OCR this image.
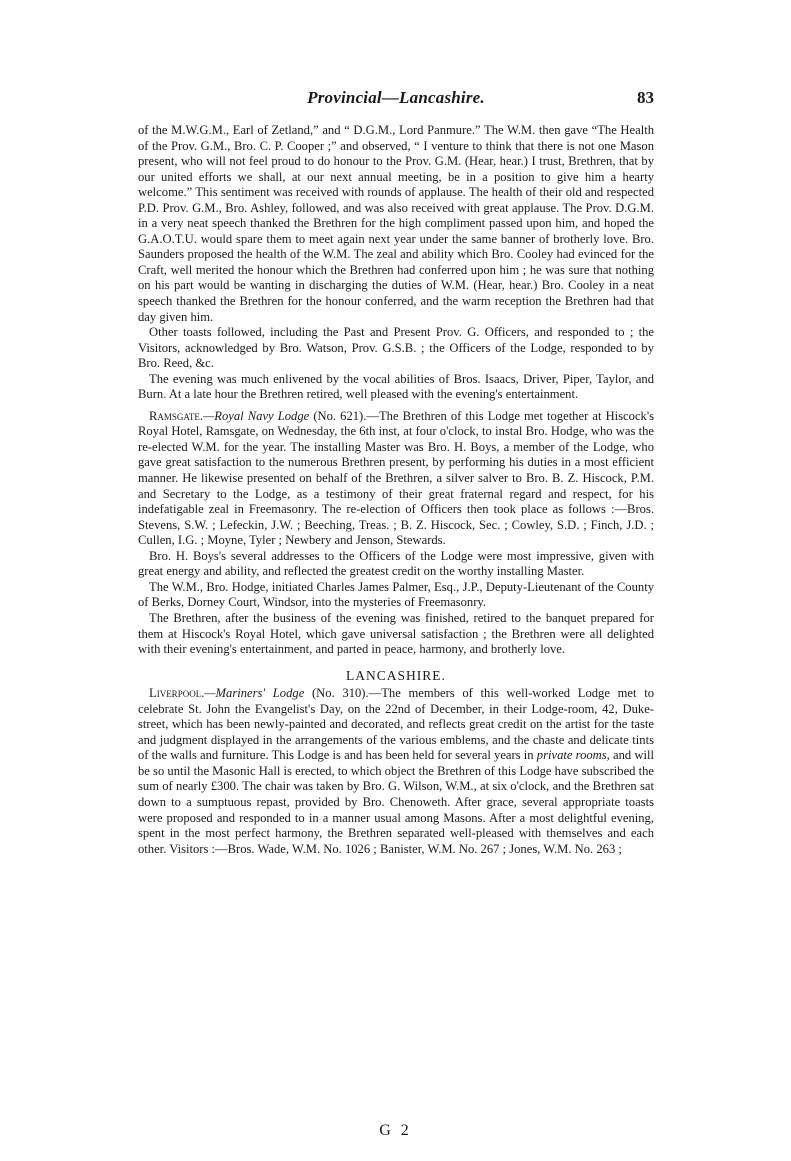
Provincial—Lancashire.	83

of the M.W.G.M., Earl of Zetland,” and “ D.G.M., Lord Panmure.” The W.M. then gave “The Health of the Prov. G.M., Bro. C. P. Cooper ;” and observed, “ I venture to think that there is not one Mason present, who will not feel proud to do honour to the Prov. G.M. (Hear, hear.) I trust, Brethren, that by our united efforts we shall, at our next annual meeting, be in a position to give him a hearty welcome.” This sentiment was received with rounds of applause. The health of their old and respected P.D. Prov. G.M., Bro. Ashley, followed, and was also received with great applause. The Prov. D.G.M. in a very neat speech thanked the Brethren for the high compliment passed upon him, and hoped the G.A.O.T.U. would spare them to meet again next year under the same banner of brotherly love. Bro. Saunders proposed the health of the W.M. The zeal and ability which Bro. Cooley had evinced for the Craft, well merited the honour which the Brethren had conferred upon him ; he was sure that nothing on his part would be wanting in discharging the duties of W.M. (Hear, hear.) Bro. Cooley in a neat speech thanked the Brethren for the honour conferred, and the warm reception the Brethren had that day given him.

Other toasts followed, including the Past and Present Prov. G. Officers, and responded to ; the Visitors, acknowledged by Bro. Watson, Prov. G.S.B. ; the Officers of the Lodge, responded to by Bro. Reed, &c.

The evening was much enlivened by the vocal abilities of Bros. Isaacs, Driver, Piper, Taylor, and Burn. At a late hour the Brethren retired, well pleased with the evening's entertainment.

Ramsgate.—Royal Navy Lodge (No. 621).—The Brethren of this Lodge met together at Hiscock's Royal Hotel, Ramsgate, on Wednesday, the 6th inst, at four o'clock, to instal Bro. Hodge, who was the re-elected W.M. for the year. The installing Master was Bro. H. Boys, a member of the Lodge, who gave great satisfaction to the numerous Brethren present, by performing his duties in a most efficient manner. He likewise presented on behalf of the Brethren, a silver salver to Bro. B. Z. Hiscock, P.M. and Secretary to the Lodge, as a testimony of their great fraternal regard and respect, for his indefatigable zeal in Freemasonry. The re-election of Officers then took place as follows :—Bros. Stevens, S.W. ; Lefeckin, J.W. ; Beeching, Treas. ; B. Z. Hiscock, Sec. ; Cowley, S.D. ; Finch, J.D. ; Cullen, I.G. ; Moyne, Tyler ; Newbery and Jenson, Stewards.

Bro. H. Boys's several addresses to the Officers of the Lodge were most impressive, given with great energy and ability, and reflected the greatest credit on the worthy installing Master.

The W.M., Bro. Hodge, initiated Charles James Palmer, Esq., J.P., Deputy-Lieutenant of the County of Berks, Dorney Court, Windsor, into the mysteries of Freemasonry.

The Brethren, after the business of the evening was finished, retired to the banquet prepared for them at Hiscock's Royal Hotel, which gave universal satisfaction ; the Brethren were all delighted with their evening's entertainment, and parted in peace, harmony, and brotherly love.

LANCASHIRE.

Liverpool.—Mariners' Lodge (No. 310).—The members of this well-worked Lodge met to celebrate St. John the Evangelist's Day, on the 22nd of December, in their Lodge-room, 42, Duke-street, which has been newly-painted and decorated, and reflects great credit on the artist for the taste and judgment displayed in the arrangements of the various emblems, and the chaste and delicate tints of the walls and furniture. This Lodge is and has been held for several years in private rooms, and will be so until the Masonic Hall is erected, to which object the Brethren of this Lodge have subscribed the sum of nearly £300. The chair was taken by Bro. G. Wilson, W.M., at six o'clock, and the Brethren sat down to a sumptuous repast, provided by Bro. Chenoweth. After grace, several appropriate toasts were proposed and responded to in a manner usual among Masons. After a most delightful evening, spent in the most perfect harmony, the Brethren separated well-pleased with themselves and each other. Visitors :—Bros. Wade, W.M. No. 1026 ; Banister, W.M. No. 267 ; Jones, W.M. No. 263 ;

G 2
